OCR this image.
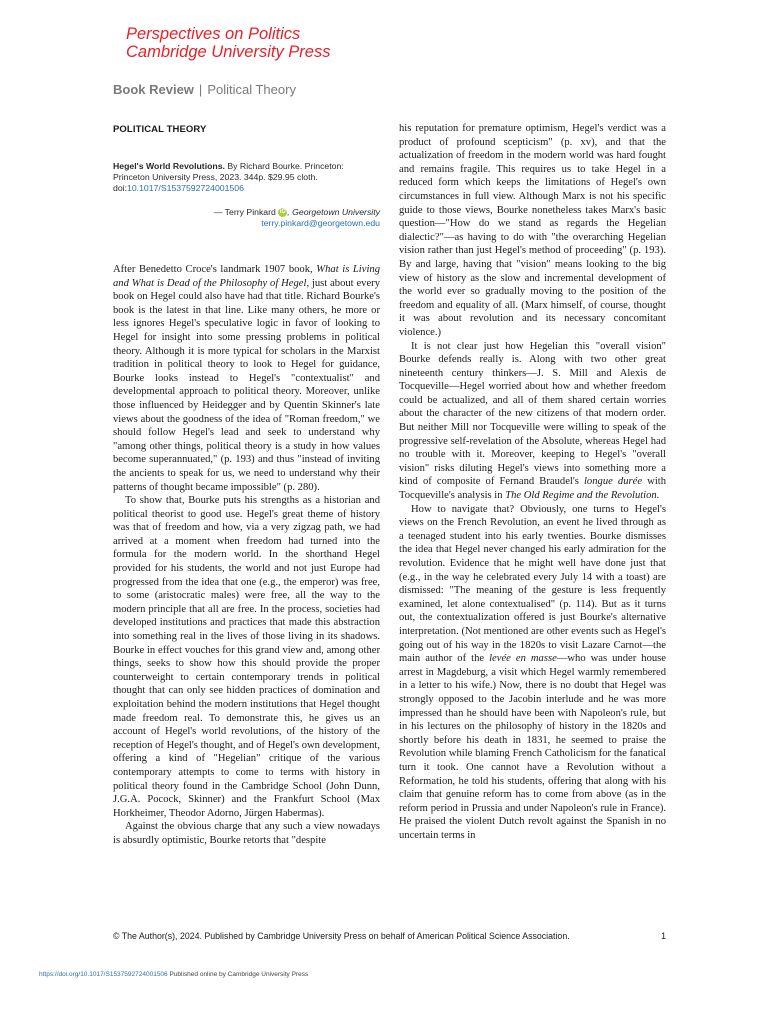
Perspectives on Politics
Cambridge University Press
Book Review | Political Theory
POLITICAL THEORY
Hegel's World Revolutions. By Richard Bourke. Princeton: Princeton University Press, 2023. 344p. $29.95 cloth.
doi:10.1017/S1537592724001506
— Terry Pinkard iD , Georgetown University
terry.pinkard@georgetown.edu

After Benedetto Croce's landmark 1907 book, What is Living and What is Dead of the Philosophy of Hegel, just about every book on Hegel could also have had that title. Richard Bourke's book is the latest in that line. Like many others, he more or less ignores Hegel's speculative logic in favor of looking to Hegel for insight into some pressing problems in political theory. Although it is more typical for scholars in the Marxist tradition in political theory to look to Hegel for guidance, Bourke looks instead to Hegel's "contextualist" and developmental approach to political theory. Moreover, unlike those influenced by Heidegger and by Quentin Skinner's late views about the goodness of the idea of "Roman freedom," we should follow Hegel's lead and seek to understand why "among other things, political theory is a study in how values become superannuated," (p. 193) and thus "instead of inviting the ancients to speak for us, we need to understand why their patterns of thought became impossible" (p. 280).

To show that, Bourke puts his strengths as a historian and political theorist to good use. Hegel's great theme of history was that of freedom and how, via a very zigzag path, we had arrived at a moment when freedom had turned into the formula for the modern world. In the shorthand Hegel provided for his students, the world and not just Europe had progressed from the idea that one (e.g., the emperor) was free, to some (aristocratic males) were free, all the way to the modern principle that all are free. In the process, societies had developed institutions and practices that made this abstraction into something real in the lives of those living in its shadows. Bourke in effect vouches for this grand view and, among other things, seeks to show how this should provide the proper counterweight to certain contemporary trends in political thought that can only see hidden practices of domination and exploitation behind the modern institutions that Hegel thought made freedom real. To demonstrate this, he gives us an account of Hegel's world revolutions, of the history of the reception of Hegel's thought, and of Hegel's own development, offering a kind of "Hegelian" critique of the various contemporary attempts to come to terms with history in political theory found in the Cambridge School (John Dunn, J.G.A. Pocock, Skinner) and the Frankfurt School (Max Horkheimer, Theodor Adorno, Jürgen Habermas).

Against the obvious charge that any such a view nowadays is absurdly optimistic, Bourke retorts that "despite

his reputation for premature optimism, Hegel's verdict was a product of profound scepticism" (p. xv), and that the actualization of freedom in the modern world was hard fought and remains fragile. This requires us to take Hegel in a reduced form which keeps the limitations of Hegel's own circumstances in full view. Although Marx is not his specific guide to those views, Bourke nonetheless takes Marx's basic question—"How do we stand as regards the Hegelian dialectic?"—as having to do with "the overarching Hegelian vision rather than just Hegel's method of proceeding" (p. 193). By and large, having that "vision" means looking to the big view of history as the slow and incremental development of the world ever so gradually moving to the position of the freedom and equality of all. (Marx himself, of course, thought it was about revolution and its necessary concomitant violence.)

It is not clear just how Hegelian this "overall vision" Bourke defends really is. Along with two other great nineteenth century thinkers—J. S. Mill and Alexis de Tocqueville—Hegel worried about how and whether freedom could be actualized, and all of them shared certain worries about the character of the new citizens of that modern order. But neither Mill nor Tocqueville were willing to speak of the progressive self-revelation of the Absolute, whereas Hegel had no trouble with it. Moreover, keeping to Hegel's "overall vision" risks diluting Hegel's views into something more a kind of composite of Fernand Braudel's longue durée with Tocqueville's analysis in The Old Regime and the Revolution.

How to navigate that? Obviously, one turns to Hegel's views on the French Revolution, an event he lived through as a teenaged student into his early twenties. Bourke dismisses the idea that Hegel never changed his early admiration for the revolution. Evidence that he might well have done just that (e.g., in the way he celebrated every July 14 with a toast) are dismissed: "The meaning of the gesture is less frequently examined, let alone contextualised" (p. 114). But as it turns out, the contextualization offered is just Bourke's alternative interpretation. (Not mentioned are other events such as Hegel's going out of his way in the 1820s to visit Lazare Carnot—the main author of the levée en masse—who was under house arrest in Magdeburg, a visit which Hegel warmly remembered in a letter to his wife.) Now, there is no doubt that Hegel was strongly opposed to the Jacobin interlude and he was more impressed than he should have been with Napoleon's rule, but in his lectures on the philosophy of history in the 1820s and shortly before his death in 1831, he seemed to praise the Revolution while blaming French Catholicism for the fanatical turn it took. One cannot have a Revolution without a Reformation, he told his students, offering that along with his claim that genuine reform has to come from above (as in the reform period in Prussia and under Napoleon's rule in France). He praised the violent Dutch revolt against the Spanish in no uncertain terms in

© The Author(s), 2024. Published by Cambridge University Press on behalf of American Political Science Association.	1
https://doi.org/10.1017/S1537592724001506 Published online by Cambridge University Press
